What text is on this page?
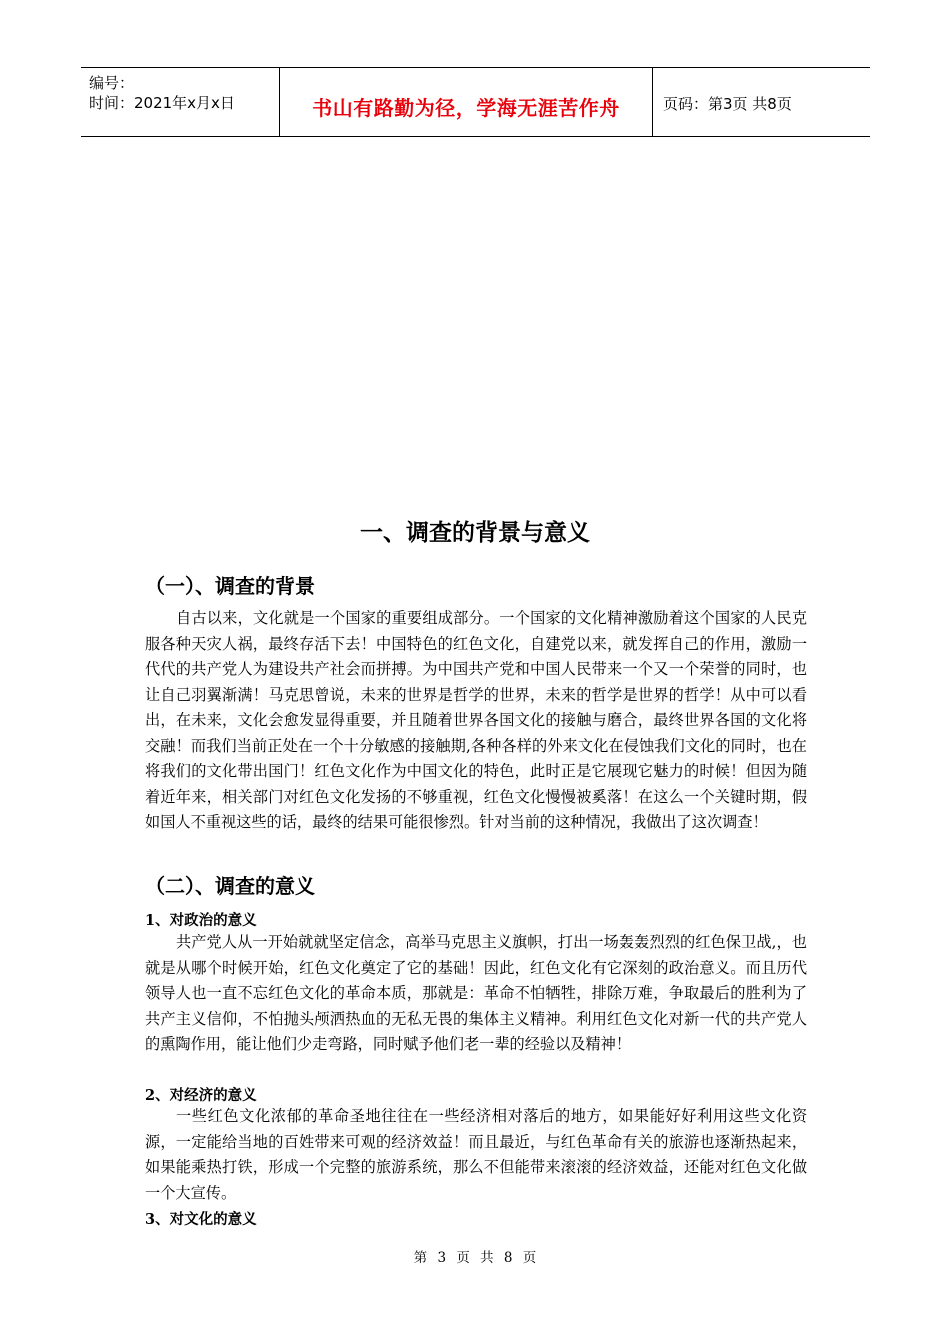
编号：
时间：2021年x月x日	书山有路勤为径，学海无涯苦作舟	页码：第3页 共8页
一、调查的背景与意义
（一）、调查的背景

自古以来，文化就是一个国家的重要组成部分。一个国家的文化精神激励着这个国家的人民克服各种天灾人祸，最终存活下去！中国特色的红色文化，自建党以来，就发挥自己的作用，激励一代代的共产党人为建设共产社会而拼搏。为中国共产党和中国人民带来一个又一个荣誉的同时，也让自己羽翼渐满！马克思曾说，未来的世界是哲学的世界，未来的哲学是世界的哲学！从中可以看出，在未来，文化会愈发显得重要，并且随着世界各国文化的接触与磨合，最终世界各国的文化将交融！而我们当前正处在一个十分敏感的接触期,各种各样的外来文化在侵蚀我们文化的同时，也在将我们的文化带出国门！红色文化作为中国文化的特色，此时正是它展现它魅力的时候！但因为随着近年来，相关部门对红色文化发扬的不够重视，红色文化慢慢被奚落！在这么一个关键时期，假如国人不重视这些的话，最终的结果可能很惨烈。针对当前的这种情况，我做出了这次调查！

（二）、调查的意义
1、对政治的意义

共产党人从一开始就就坚定信念，高举马克思主义旗帜，打出一场轰轰烈烈的红色保卫战,，也就是从哪个时候开始，红色文化奠定了它的基础！因此，红色文化有它深刻的政治意义。而且历代领导人也一直不忘红色文化的革命本质，那就是：革命不怕牺牲，排除万难，争取最后的胜利为了共产主义信仰，不怕抛头颅洒热血的无私无畏的集体主义精神。利用红色文化对新一代的共产党人的熏陶作用，能让他们少走弯路，同时赋予他们老一辈的经验以及精神！

2、对经济的意义

一些红色文化浓郁的革命圣地往往在一些经济相对落后的地方，如果能好好利用这些文化资源，一定能给当地的百姓带来可观的经济效益！而且最近，与红色革命有关的旅游也逐渐热起来，如果能乘热打铁，形成一个完整的旅游系统，那么不但能带来滚滚的经济效益，还能对红色文化做一个大宣传。

3、对文化的意义
第 3 页 共 8 页
